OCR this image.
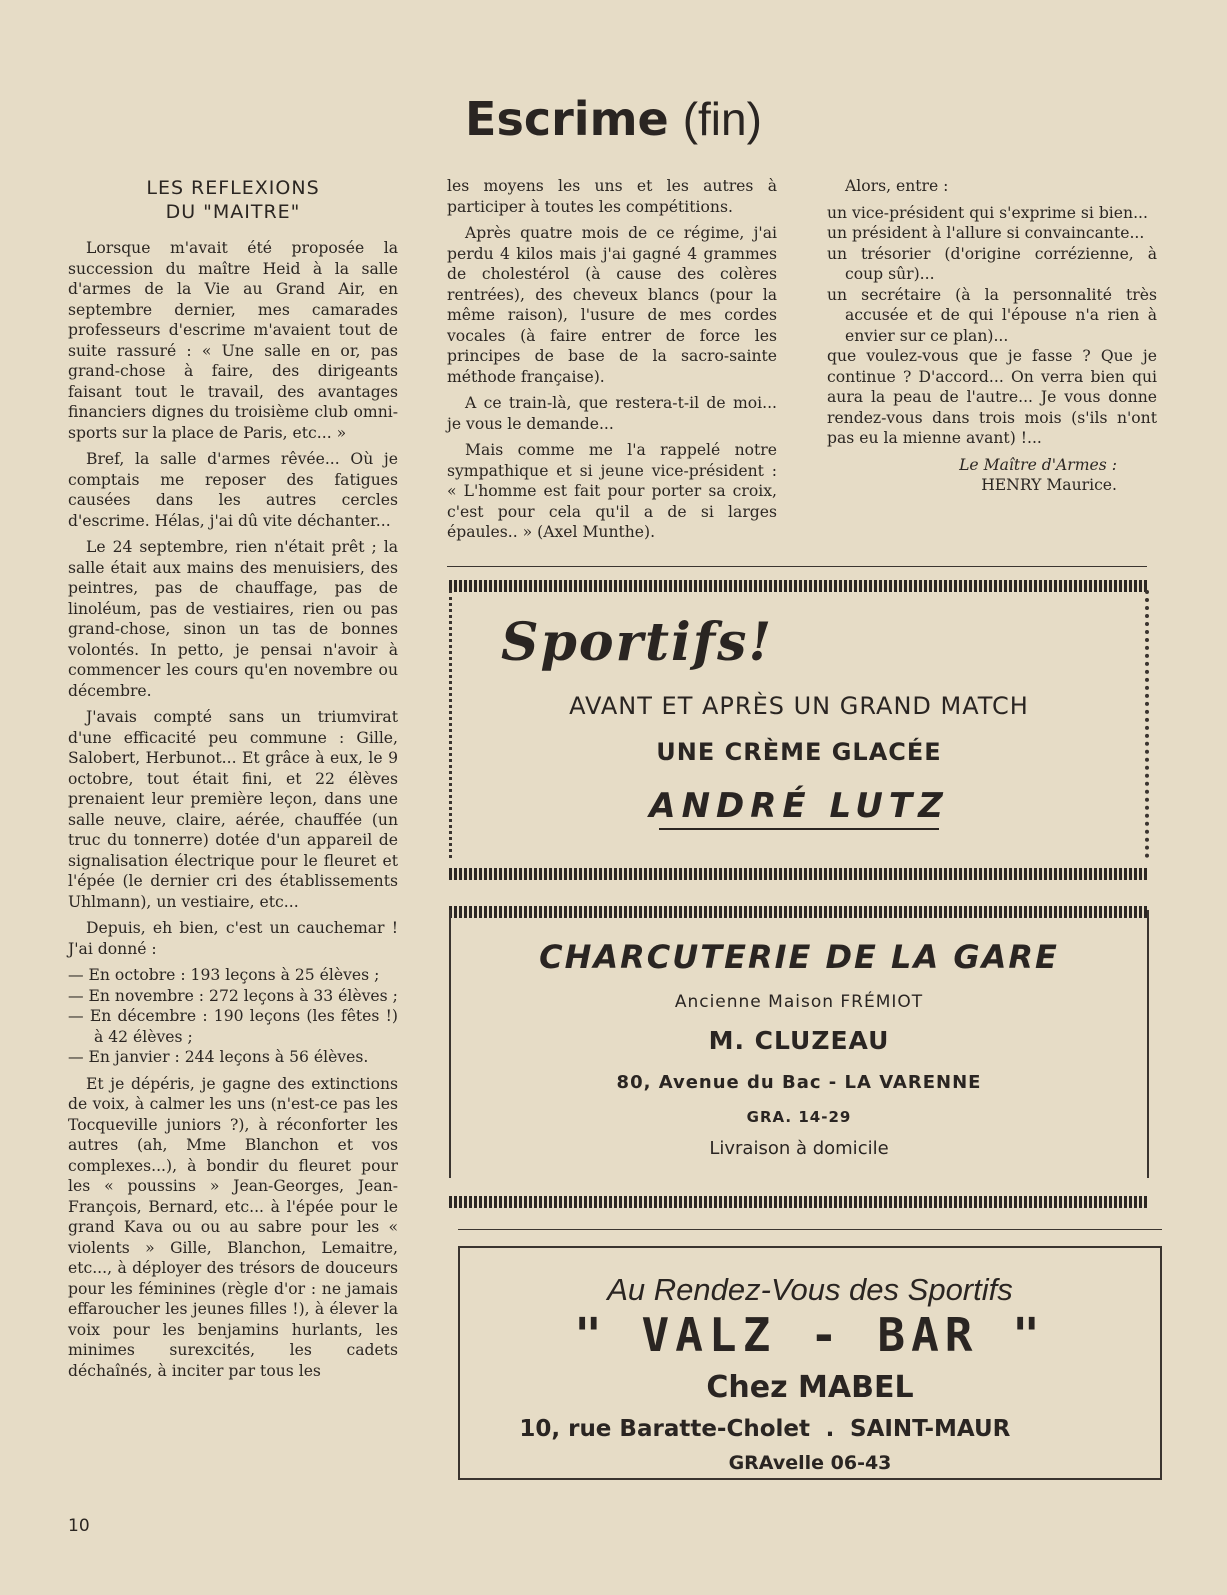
Escrime (fin)
LES REFLEXIONS
DU "MAITRE"

Lorsque m'avait été proposée la succession du maître Heid à la salle d'armes de la Vie au Grand Air, en septembre dernier, mes camarades professeurs d'escrime m'avaient tout de suite rassuré : « Une salle en or, pas grand-chose à faire, des dirigeants faisant tout le travail, des avantages financiers dignes du troisième club omni-sports sur la place de Paris, etc... »

Bref, la salle d'armes rêvée... Où je comptais me reposer des fatigues causées dans les autres cercles d'escrime. Hélas, j'ai dû vite déchanter...

Le 24 septembre, rien n'était prêt ; la salle était aux mains des menuisiers, des peintres, pas de chauffage, pas de linoléum, pas de vestiaires, rien ou pas grand-chose, sinon un tas de bonnes volontés. In petto, je pensai n'avoir à commencer les cours qu'en novembre ou décembre.

J'avais compté sans un triumvirat d'une efficacité peu commune : Gille, Salobert, Herbunot... Et grâce à eux, le 9 octobre, tout était fini, et 22 élèves prenaient leur première leçon, dans une salle neuve, claire, aérée, chauffée (un truc du tonnerre) dotée d'un appareil de signalisation électrique pour le fleuret et l'épée (le dernier cri des établissements Uhlmann), un vestiaire, etc...

Depuis, eh bien, c'est un cauchemar ! J'ai donné :

— En octobre : 193 leçons à 25 élèves ;
— En novembre : 272 leçons à 33 élèves ;
— En décembre : 190 leçons (les fêtes !) à 42 élèves ;
— En janvier : 244 leçons à 56 élèves.

Et je dépéris, je gagne des extinctions de voix, à calmer les uns (n'est-ce pas les Tocqueville juniors ?), à réconforter les autres (ah, Mme Blanchon et vos complexes...), à bondir du fleuret pour les « poussins » Jean-Georges, Jean-François, Bernard, etc... à l'épée pour le grand Kava ou ou au sabre pour les « violents » Gille, Blanchon, Lemaitre, etc..., à déployer des trésors de douceurs pour les féminines (règle d'or : ne jamais effaroucher les jeunes filles !), à élever la voix pour les benjamins hurlants, les minimes surexcités, les cadets déchaînés, à inciter par tous les

les moyens les uns et les autres à participer à toutes les compétitions.

Après quatre mois de ce régime, j'ai perdu 4 kilos mais j'ai gagné 4 grammes de cholestérol (à cause des colères rentrées), des cheveux blancs (pour la même raison), l'usure de mes cordes vocales (à faire entrer de force les principes de base de la sacro-sainte méthode française).

A ce train-là, que restera-t-il de moi... je vous le demande...

Mais comme me l'a rappelé notre sympathique et si jeune vice-président : « L'homme est fait pour porter sa croix, c'est pour cela qu'il a de si larges épaules.. » (Axel Munthe).

Alors, entre :

un vice-président qui s'exprime si bien...
un président à l'allure si convaincante...
un trésorier (d'origine corrézienne, à coup sûr)...
un secrétaire (à la personnalité très accusée et de qui l'épouse n'a rien à envier sur ce plan)...

que voulez-vous que je fasse ? Que je continue ? D'accord... On verra bien qui aura la peau de l'autre... Je vous donne rendez-vous dans trois mois (s'ils n'ont pas eu la mienne avant) !...

Le Maître d'Armes :
HENRY Maurice.
Sportifs!
AVANT ET APRÈS UN GRAND MATCH
UNE CRÈME GLACÉE
ANDRÉ LUTZ
CHARCUTERIE DE LA GARE
Ancienne Maison FRÉMIOT
M. CLUZEAU
80, Avenue du Bac - LA VARENNE
GRA. 14-29
Livraison à domicile
Au Rendez-Vous des Sportifs
" VALZ - BAR "
Chez MABEL
10, rue Baratte-Cholet . SAINT-MAUR
GRAvelle 06-43
10
